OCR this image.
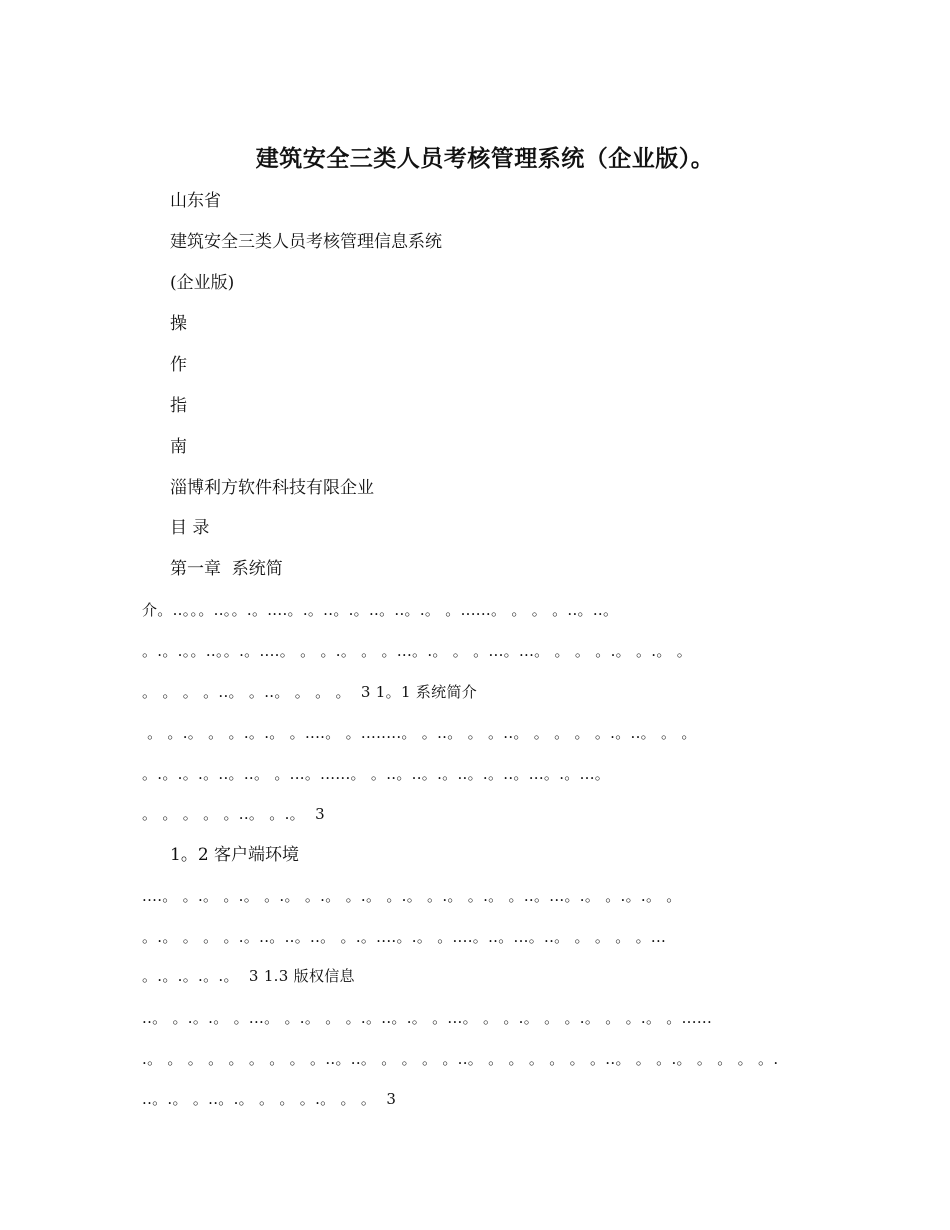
建筑安全三类人员考核管理系统（企业版）。
山东省
建筑安全三类人员考核管理信息系统
(企业版)
操
作
指
南
淄博利方软件科技有限企业
目 录
第一章  系统简
介。..。。。..。。.。....。.。..。.。..。..。.。 。......。 。 。 。..。..。
。.。.。。..。。.。....。 。 。.。 。 。...。.。 。 。...。...。 。 。 。.。 。.。 。
。 。 。 。..。 。..。 。 。 。  3 1。1 系统简介
。 。.。 。 。.。.。 。....。 。........。 。..。 。 。..。 。 。 。 。.。..。 。 。
。.。.。.。..。..。 。...。......。 。..。..。.。..。.。..。...。.。...。
。 。 。 。 。..。 。.。  3
1。2 客户端环境
....。 。.。 。.。 。.。 。.。 。.。 。.。 。.。 。.。 。..。...。.。 。.。.。 。
。.。 。 。 。.。..。..。..。 。.。....。.。 。....。..。...。..。 。 。 。 。...
。.。.。.。.。  3 1.3 版权信息
..。 。.。.。 。...。 。.。 。 。.。..。.。 。...。 。 。.。 。 。.。 。 。.。 。......
.。 。 。 。 。 。 。 。 。..。..。 。 。 。 。..。 。 。 。 。 。 。..。 。 。.。 。 。 。 。.
..。.。 。..。.。 。 。 。.。 。 。  3
